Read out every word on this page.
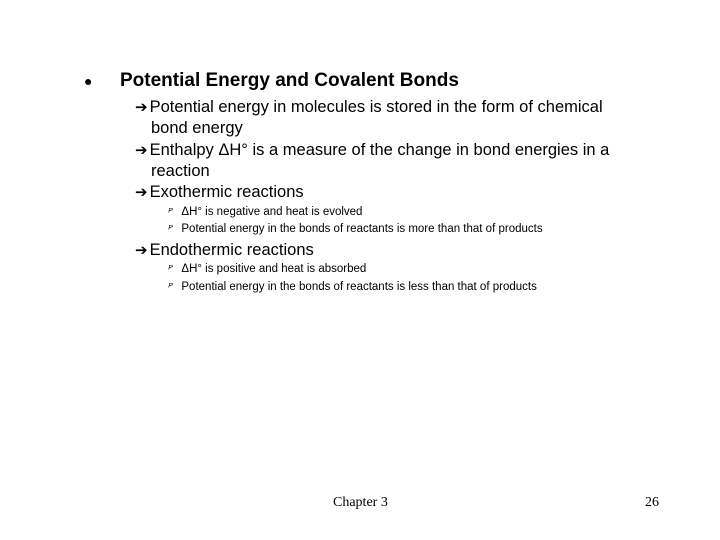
● Potential Energy and Covalent Bonds
➔ Potential energy in molecules is stored in the form of chemical
bond energy
➔ Enthalpy ΔH° is a measure of the change in bond energies in a
reaction
➔ Exothermic reactions
ᴾ ΔH° is negative and heat is evolved
ᴾ Potential energy in the bonds of reactants is more than that of products
➔ Endothermic reactions
ᴾ ΔH° is positive and heat is absorbed
ᴾ Potential energy in the bonds of reactants is less than that of products
Chapter 3	26
